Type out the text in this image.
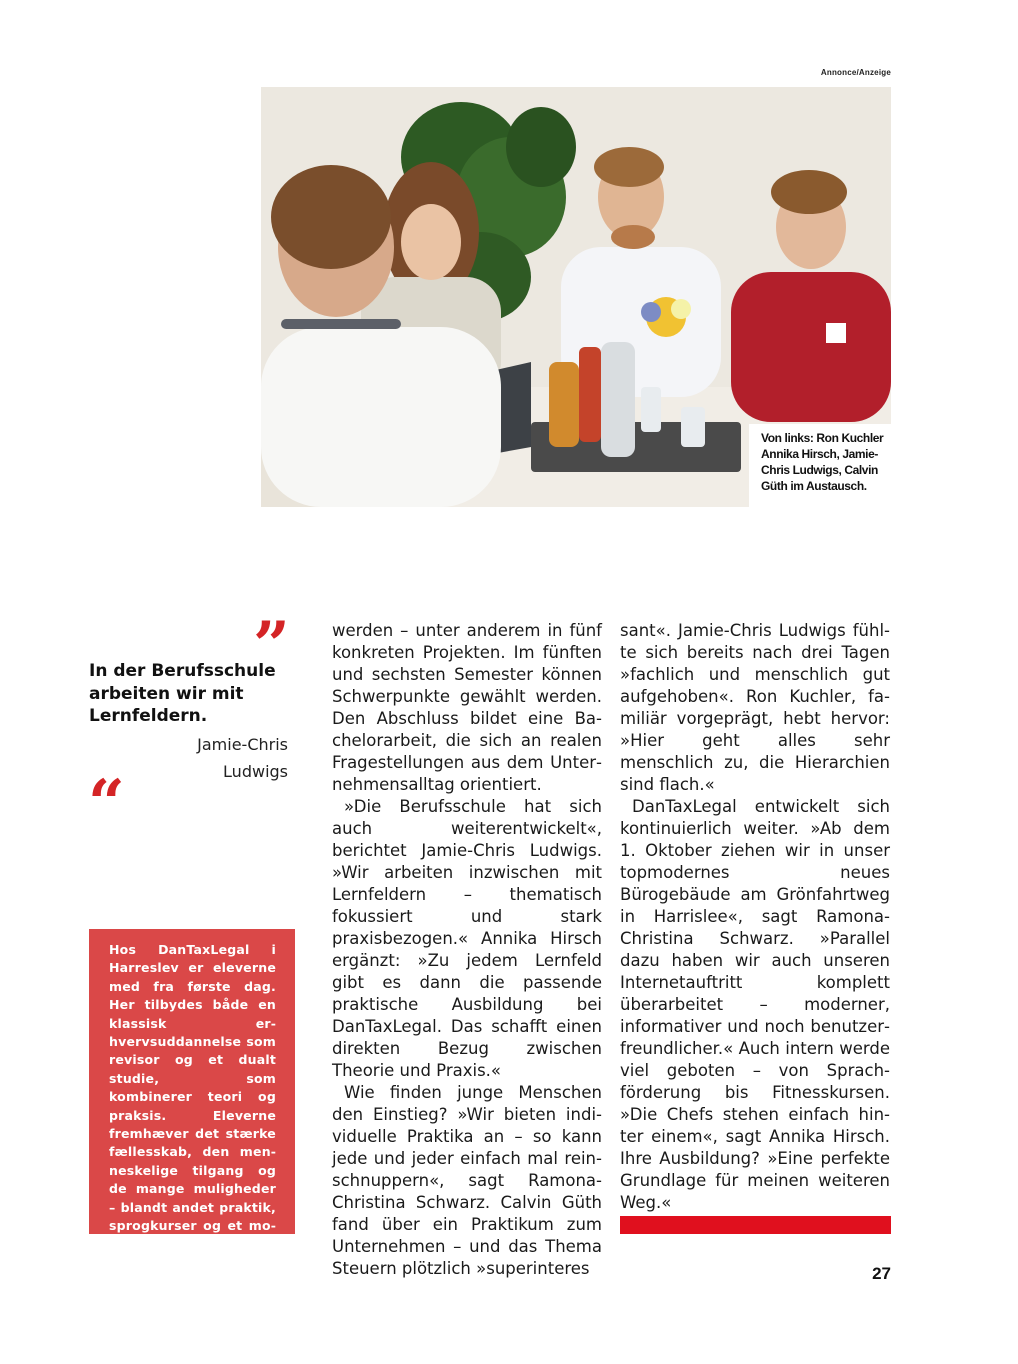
Annonce/Anzeige
Von links: Ron Kuchler Annika Hirsch, Jamie-Chris Ludwigs, Calvin Güth im Austausch.
”
In der Berufsschule arbeiten wir mit Lernfeldern.
Jamie-Chris
Ludwigs
“
Hos DanTaxLegal i Harreslev er eleverne med fra første dag. Her tilbydes både en klassisk erhvervsuddannelse som revisor og et dualt studie, som kombinerer teori og praksis. Eleverne fremhæver det stærke fællesskab, den menneskelige tilgang og de mange muligheder – blandt andet praktik, sprogkurser og et moderne arbejdsmiljø.

werden – unter anderem in fünf konkreten Projekten. Im fünften und sechsten Semester können Schwerpunkte gewählt werden. Den Abschluss bildet eine Bachelorarbeit, die sich an realen Fragestellungen aus dem Unternehmensalltag orientiert.

»Die Berufsschule hat sich auch weiterentwickelt«, berichtet Jamie-Chris Ludwigs. »Wir arbeiten inzwischen mit Lernfeldern – thematisch fokussiert und stark praxisbezogen.« Annika Hirsch ergänzt: »Zu jedem Lernfeld gibt es dann die passende praktische Ausbildung bei DanTaxLegal. Das schafft einen direkten Bezug zwischen Theorie und Praxis.«

Wie finden junge Menschen den Einstieg? »Wir bieten individuelle Praktika an – so kann jede und jeder einfach mal reinschnuppern«, sagt Ramona-Christina Schwarz. Calvin Güth fand über ein Praktikum zum Unternehmen – und das Thema Steuern plötzlich »superinteres

sant«. Jamie-Chris Ludwigs fühlte sich bereits nach drei Tagen »fachlich und menschlich gut aufgehoben«. Ron Kuchler, familiär vorgeprägt, hebt hervor: »Hier geht alles sehr menschlich zu, die Hierarchien sind flach.«

DanTaxLegal entwickelt sich kontinuierlich weiter. »Ab dem 1. Oktober ziehen wir in unser topmodernes neues Bürogebäude am Grönfahrtweg in Harrislee«, sagt Ramona-Christina Schwarz. »Parallel dazu haben wir auch unseren Internetauftritt komplett überarbeitet – moderner, informativer und noch benutzerfreundlicher.« Auch intern werde viel geboten – von Sprachförderung bis Fitnesskursen. »Die Chefs stehen einfach hinter einem«, sagt Annika Hirsch. Ihre Ausbildung? »Eine perfekte Grundlage für meinen weiteren Weg.«

27
